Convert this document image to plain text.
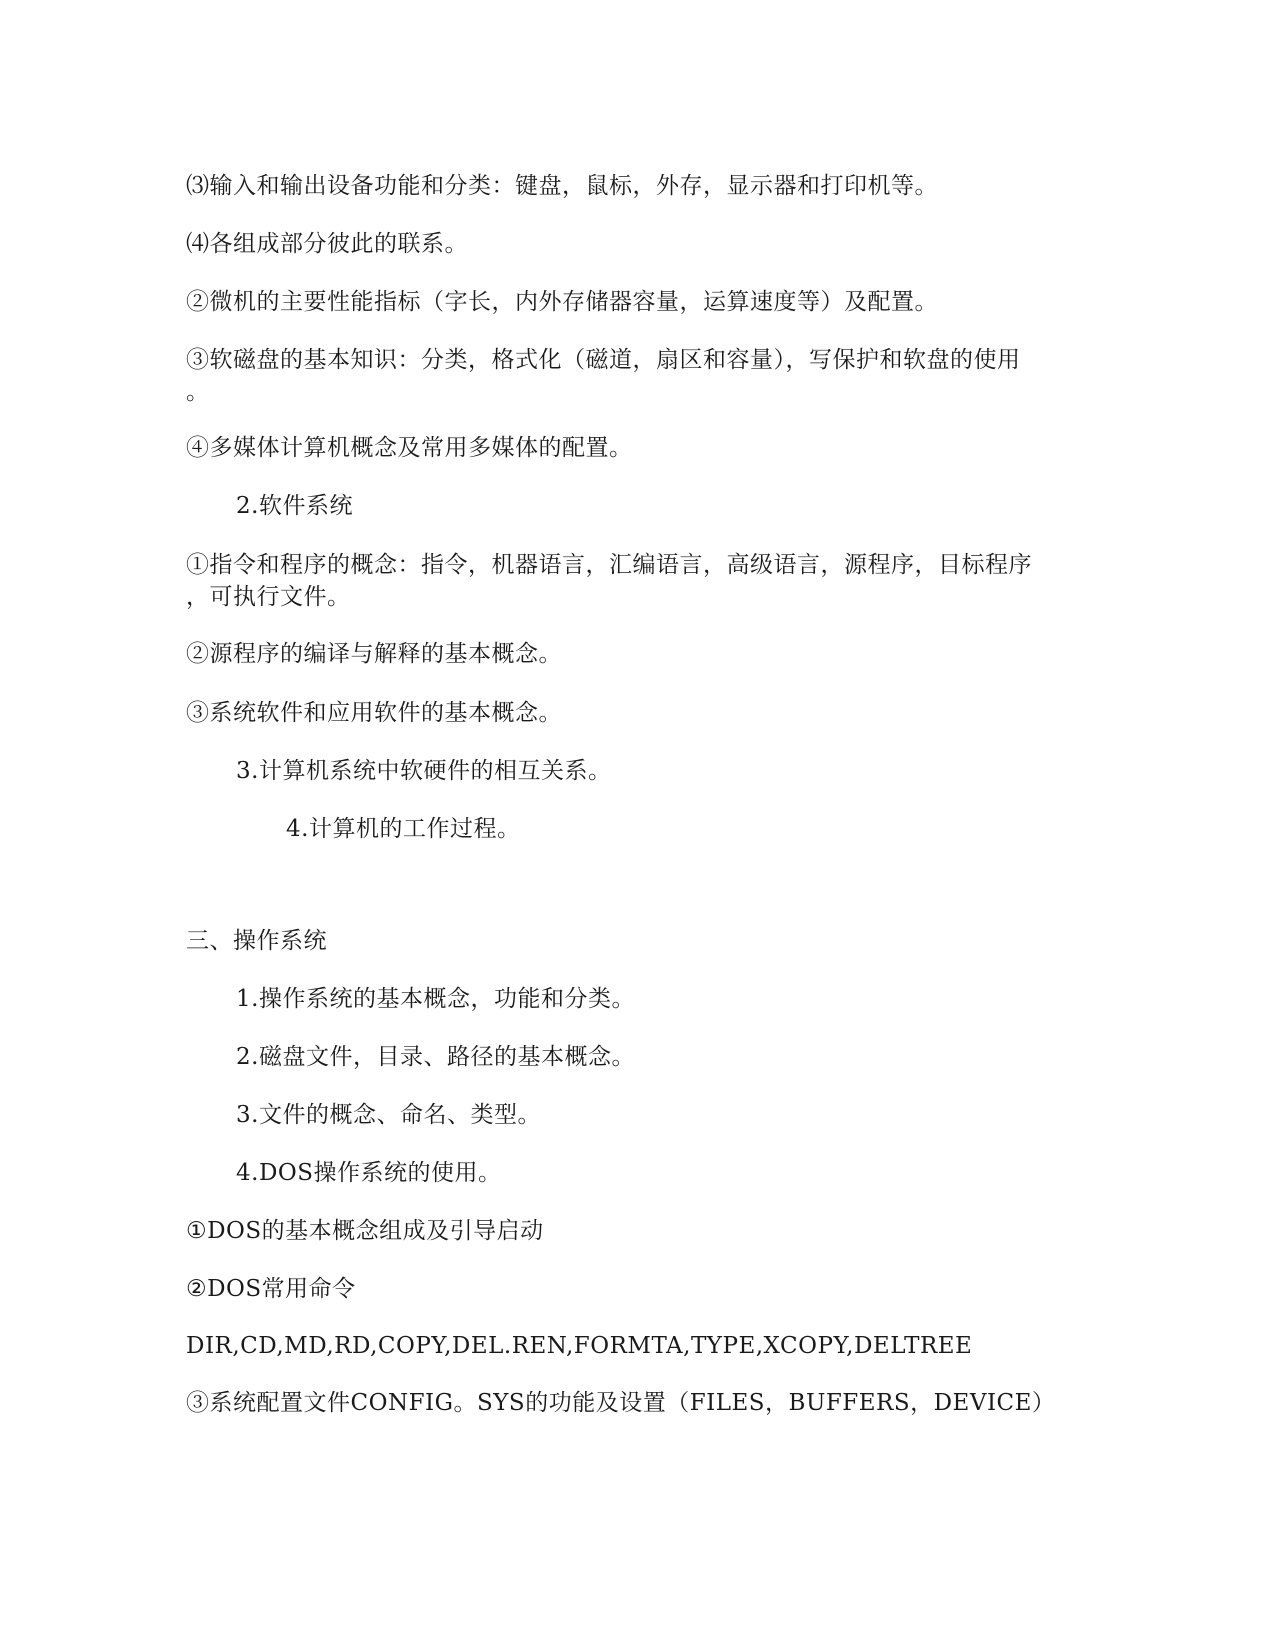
⑶输入和输出设备功能和分类：键盘，鼠标，外存，显示器和打印机等。
⑷各组成部分彼此的联系。
②微机的主要性能指标（字长，内外存储器容量，运算速度等）及配置。
③软磁盘的基本知识：分类，格式化（磁道，扇区和容量），写保护和软盘的使用
。
④多媒体计算机概念及常用多媒体的配置。
2.软件系统
①指令和程序的概念：指令，机器语言，汇编语言，高级语言，源程序，目标程序
，可执行文件。
②源程序的编译与解释的基本概念。
③系统软件和应用软件的基本概念。
3.计算机系统中软硬件的相互关系。
4.计算机的工作过程。
三、操作系统
1.操作系统的基本概念，功能和分类。
2.磁盘文件，目录、路径的基本概念。
3.文件的概念、命名、类型。
4.DOS操作系统的使用。
①DOS的基本概念组成及引导启动
②DOS常用命令
DIR,CD,MD,RD,COPY,DEL.REN,FORMTA,TYPE,XCOPY,DELTREE
③系统配置文件CONFIG。SYS的功能及设置（FILES，BUFFERS，DEVICE）
